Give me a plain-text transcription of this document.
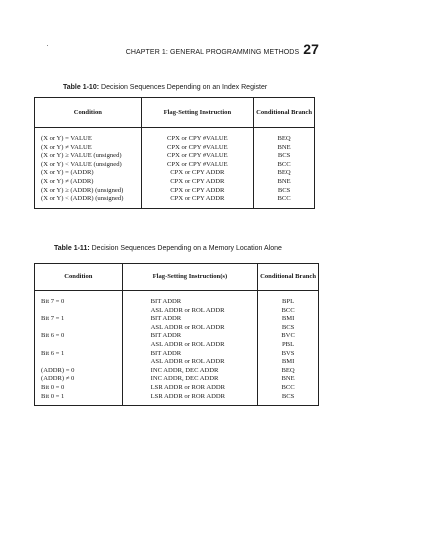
CHAPTER 1: GENERAL PROGRAMMING METHODS 27
Table 1-10: Decision Sequences Depending on an Index Register
Condition	Flag-Setting Instruction	Conditional Branch

(X or Y) = VALUE	CPX or CPY #VALUE	BEQ
(X or Y) ≠ VALUE	CPX or CPY #VALUE	BNE
(X or Y) ≥ VALUE (unsigned)	CPX or CPY #VALUE	BCS
(X or Y) < VALUE (unsigned)	CPX or CPY #VALUE	BCC
(X or Y) = (ADDR)	CPX or CPY ADDR	BEQ
(X or Y) ≠ (ADDR)	CPX or CPY ADDR	BNE
(X or Y) ≥ (ADDR) (unsigned)	CPX or CPY ADDR	BCS
(X or Y) < (ADDR) (unsigned)	CPX or CPY ADDR	BCC
Table 1-11: Decision Sequences Depending on a Memory Location Alone
Condition	Flag-Setting Instruction(s)	Conditional Branch

Bit 7 = 0	BIT ADDR	BPL
	ASL ADDR or ROL ADDR	BCC
Bit 7 = 1	BIT ADDR	BMI
	ASL ADDR or ROL ADDR	BCS
Bit 6 = 0	BIT ADDR	BVC
	ASL ADDR or ROL ADDR	PBL
Bit 6 = 1	BIT ADDR	BVS
	ASL ADDR or ROL ADDR	BMI
(ADDR) = 0	INC ADDR, DEC ADDR	BEQ
(ADDR) ≠ 0	INC ADDR, DEC ADDR	BNE
Bit 0 = 0	LSR ADDR or ROR ADDR	BCC
Bit 0 = 1	LSR ADDR or ROR ADDR	BCS
